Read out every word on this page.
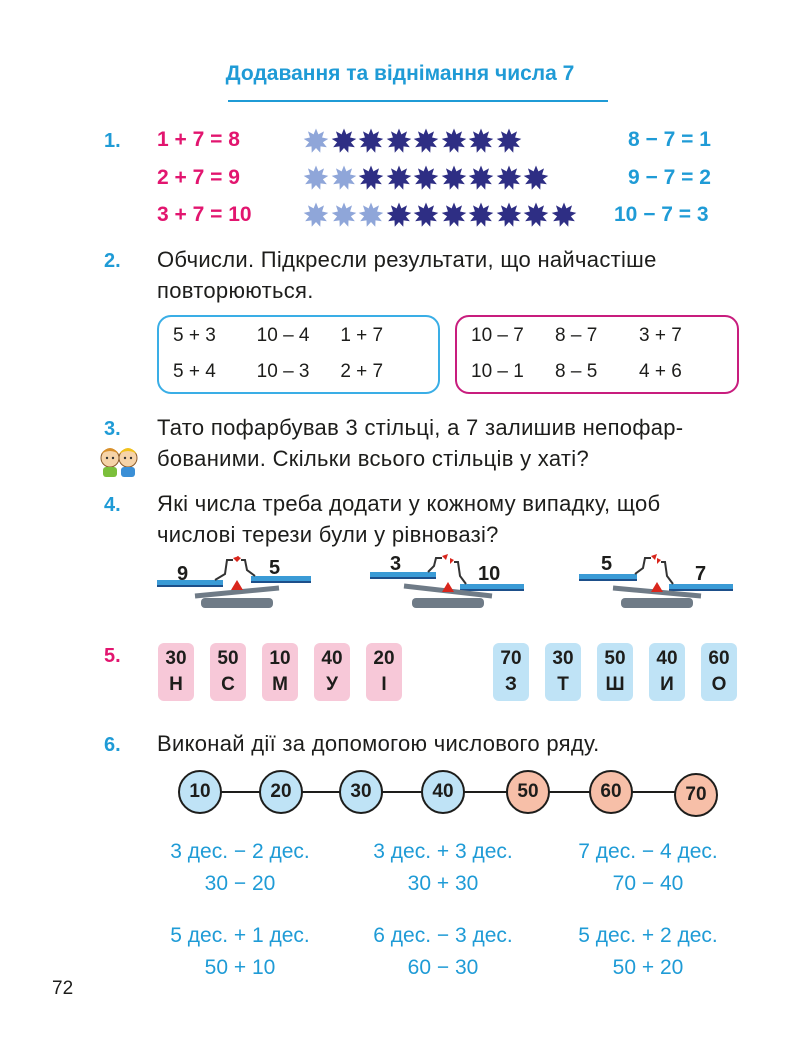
Додавання та віднімання числа 7
1. 1 + 7 = 8
2 + 7 = 9
3 + 7 = 10
8 − 7 = 1
9 − 7 = 2
10 − 7 = 3
2. Обчисли. Підкресли результати, що найчастіше
повторюються.
5 + 3	10 – 4	1 + 7
5 + 4	10 – 3	2 + 7
10 – 7	8 – 7	3 + 7
10 – 1	8 – 5	4 + 6
3. Тато пофарбував 3 стільці, а 7 залишив непофар-
бованими. Скільки всього стільців у хаті?
4. Які числа треба додати у кожному випадку, щоб
числові терези були у рівновазі?
9	5	3	10	5	7
5.	30
Н
50
С
10
М
40
У
20
І
70
З
30
Т
50
Ш
40
И
60
О
6. Виконай дії за допомогою числового ряду.
10	20	30	40	50	60	70
3 дес. − 2 дес.
30 − 20
3 дес. + 3 дес.
30 + 30
7 дес. − 4 дес.
70 − 40
5 дес. + 1 дес.
50 + 10
6 дес. − 3 дес.
60 − 30
5 дес. + 2 дес.
50 + 20
72
